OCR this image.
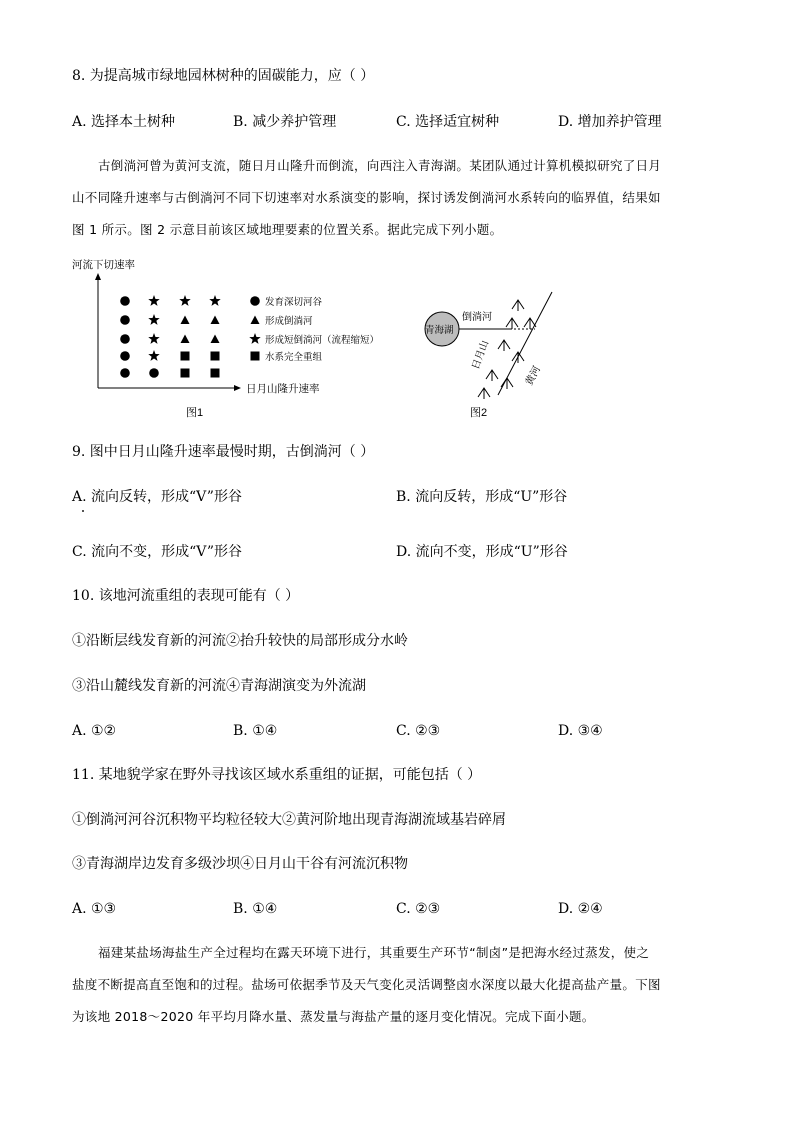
8. 为提高城市绿地园林树种的固碳能力，应（ ）
A. 选择本土树种	B. 减少养护管理	C. 选择适宜树种	D. 增加养护管理
古倒淌河曾为黄河支流，随日月山隆升而倒流，向西注入青海湖。某团队通过计算机模拟研究了日月
山不同隆升速率与古倒淌河不同下切速率对水系演变的影响，探讨诱发倒淌河水系转向的临界值，结果如
图 1 所示。图 2 示意目前该区域地理要素的位置关系。据此完成下列小题。
河流下切速率
日月山隆升速率
发育深切河谷
形成倒淌河
形成短倒淌河（流程缩短）
水系完全重组
图1
青海湖
倒淌河
黄河
日月山
图2
9. 图中日月山隆升速率最慢时期，古倒淌河（ ）
A. 流向反转，形成“V”形谷	B. 流向反转，形成“U”形谷
C. 流向不变，形成“V”形谷	D. 流向不变，形成“U”形谷
10. 该地河流重组的表现可能有（ ）
①沿断层线发育新的河流②抬升较快的局部形成分水岭
③沿山麓线发育新的河流④青海湖演变为外流湖
A. ①②	B. ①④	C. ②③	D. ③④
11. 某地貌学家在野外寻找该区域水系重组的证据，可能包括（ ）
①倒淌河河谷沉积物平均粒径较大②黄河阶地出现青海湖流域基岩碎屑
③青海湖岸边发育多级沙坝④日月山干谷有河流沉积物
A. ①③	B. ①④	C. ②③	D. ②④
福建某盐场海盐生产全过程均在露天环境下进行，其重要生产环节“制卤”是把海水经过蒸发，使之
盐度不断提高直至饱和的过程。盐场可依据季节及天气变化灵活调整卤水深度以最大化提高盐产量。下图
为该地 2018～2020 年平均月降水量、蒸发量与海盐产量的逐月变化情况。完成下面小题。
